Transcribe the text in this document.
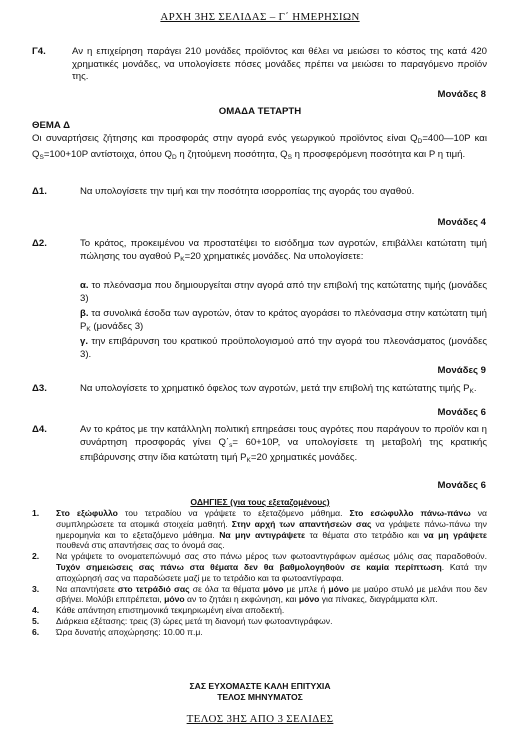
ΑΡΧΗ 3ΗΣ ΣΕΛΙΔΑΣ – Γ΄ ΗΜΕΡΗΣΙΩΝ
Γ4.	Αν η επιχείρηση παράγει 210 μονάδες προϊόντος και θέλει να μειώσει το κόστος της κατά 420 χρηματικές μονάδες, να υπολογίσετε πόσες μονάδες πρέπει να μειώσει το παραγόμενο προϊόν της.
Μονάδες 8
ΟΜΑΔΑ ΤΕΤΑΡΤΗ
ΘΕΜΑ Δ
Οι συναρτήσεις ζήτησης και προσφοράς στην αγορά ενός γεωργικού προϊόντος είναι $Q_D=400—10P$ και $Q_S=100+10P$ αντίστοιχα, όπου $Q_D$ η ζητούμενη ποσότητα, $Q_S$ η προσφερόμενη ποσότητα και P η τιμή.
Δ1.	Να υπολογίσετε την τιμή και την ποσότητα ισορροπίας της αγοράς του αγαθού.
Μονάδες 4
Δ2.	Το κράτος, προκειμένου να προστατέψει το εισόδημα των αγροτών, επιβάλλει κατώτατη τιμή πώλησης του αγαθού $P_K=20$ χρηματικές μονάδες. Να υπολογίσετε:
α. το πλεόνασμα που δημιουργείται στην αγορά από την επιβολή της κατώτατης τιμής (μονάδες 3)
β. τα συνολικά έσοδα των αγροτών, όταν το κράτος αγοράσει το πλεόνασμα στην κατώτατη τιμή $P_K$ (μονάδες 3)
γ. την επιβάρυνση του κρατικού προϋπολογισμού από την αγορά του πλεονάσματος (μονάδες 3).
Μονάδες 9
Δ3.	Να υπολογίσετε το χρηματικό όφελος των αγροτών, μετά την επιβολή της κατώτατης τιμής $P_K$.
Μονάδες 6
Δ4.	Αν το κράτος με την κατάλληλη πολιτική επηρεάσει τους αγρότες που παράγουν το προϊόν και η συνάρτηση προσφοράς γίνει $Q΄_s= 60+10P$, να υπολογίσετε τη μεταβολή της κρατικής επιβάρυνσης στην ίδια κατώτατη τιμή $P_K=20$ χρηματικές μονάδες.
Μονάδες 6
ΟΔΗΓΙΕΣ (για τους εξεταζομένους)
1.	Στο εξώφυλλο του τετραδίου να γράψετε το εξεταζόμενο μάθημα. Στο εσώφυλλο πάνω-πάνω να συμπληρώσετε τα ατομικά στοιχεία μαθητή. Στην αρχή των απαντήσεών σας να γράψετε πάνω-πάνω την ημερομηνία και το εξεταζόμενο μάθημα. Να μην αντιγράψετε τα θέματα στο τετράδιο και να μη γράψετε πουθενά στις απαντήσεις σας το όνομά σας.
2.	Να γράψετε το ονοματεπώνυμό σας στο πάνω μέρος των φωτοαντιγράφων αμέσως μόλις σας παραδοθούν. Τυχόν σημειώσεις σας πάνω στα θέματα δεν θα βαθμολογηθούν σε καμία περίπτωση. Κατά την αποχώρησή σας να παραδώσετε μαζί με το τετράδιο και τα φωτοαντίγραφα.
3.	Να απαντήσετε στο τετράδιό σας σε όλα τα θέματα μόνο με μπλε ή μόνο με μαύρο στυλό με μελάνι που δεν σβήνει. Μολύβι επιτρέπεται, μόνο αν το ζητάει η εκφώνηση, και μόνο για πίνακες, διαγράμματα κλπ.
4.	Κάθε απάντηση επιστημονικά τεκμηριωμένη είναι αποδεκτή.
5.	Διάρκεια εξέτασης: τρεις (3) ώρες μετά τη διανομή των φωτοαντιγράφων.
6.	Ώρα δυνατής αποχώρησης: 10.00 π.μ.
ΣΑΣ ΕΥΧΟΜΑΣΤΕ ΚΑΛΗ ΕΠΙΤΥΧΙΑ
ΤΕΛΟΣ ΜΗΝΥΜΑΤΟΣ
ΤΕΛΟΣ 3ΗΣ ΑΠΟ 3 ΣΕΛΙΔΕΣ
